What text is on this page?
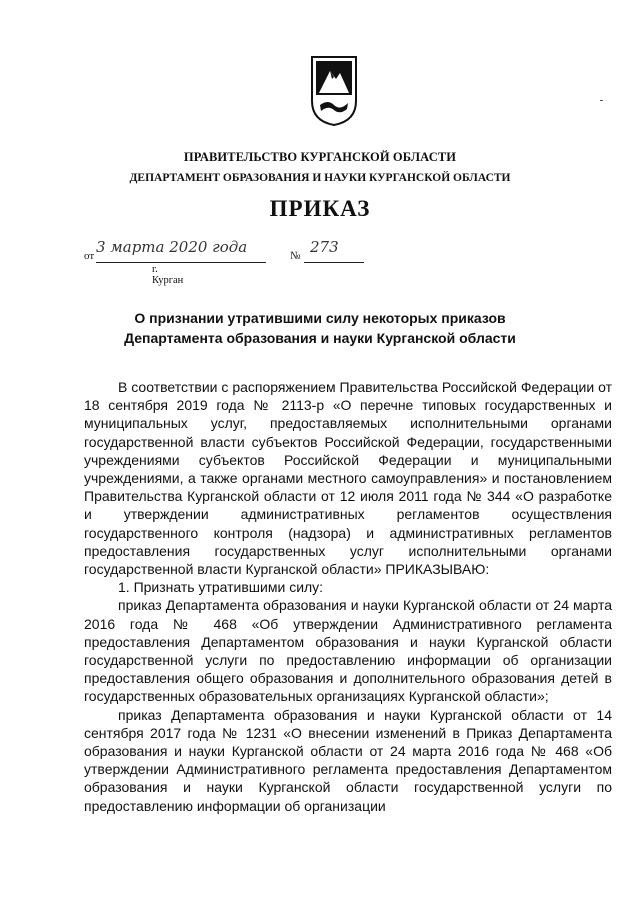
ПРАВИТЕЛЬСТВО КУРГАНСКОЙ ОБЛАСТИ
ДЕПАРТАМЕНТ ОБРАЗОВАНИЯ И НАУКИ КУРГАНСКОЙ ОБЛАСТИ
ПРИКАЗ
от 3 марта 2020 года	№ 273
г. Курган
О признании утратившими силу некоторых приказов
Департамента образования и науки Курганской области

В соответствии с распоряжением Правительства Российской Федерации от 18 сентября 2019 года № 2113-р «О перечне типовых государственных и муниципальных услуг, предоставляемых исполнительными органами государственной власти субъектов Российской Федерации, государственными учреждениями субъектов Российской Федерации и муниципальными учреждениями, а также органами местного самоуправления» и постановлением Правительства Курганской области от 12 июля 2011 года № 344 «О разработке и утверждении административных регламентов осуществления государственного контроля (надзора) и административных регламентов предоставления государственных услуг исполнительными органами государственной власти Курганской области» ПРИКАЗЫВАЮ:

1. Признать утратившими силу:

приказ Департамента образования и науки Курганской области от 24 марта 2016 года № 468 «Об утверждении Административного регламента предоставления Департаментом образования и науки Курганской области государственной услуги по предоставлению информации об организации предоставления общего образования и дополнительного образования детей в государственных образовательных организациях Курганской области»;

приказ Департамента образования и науки Курганской области от 14 сентября 2017 года № 1231 «О внесении изменений в Приказ Департамента образования и науки Курганской области от 24 марта 2016 года № 468 «Об утверждении Административного регламента предоставления Департаментом образования и науки Курганской области государственной услуги по предоставлению информации об организации
